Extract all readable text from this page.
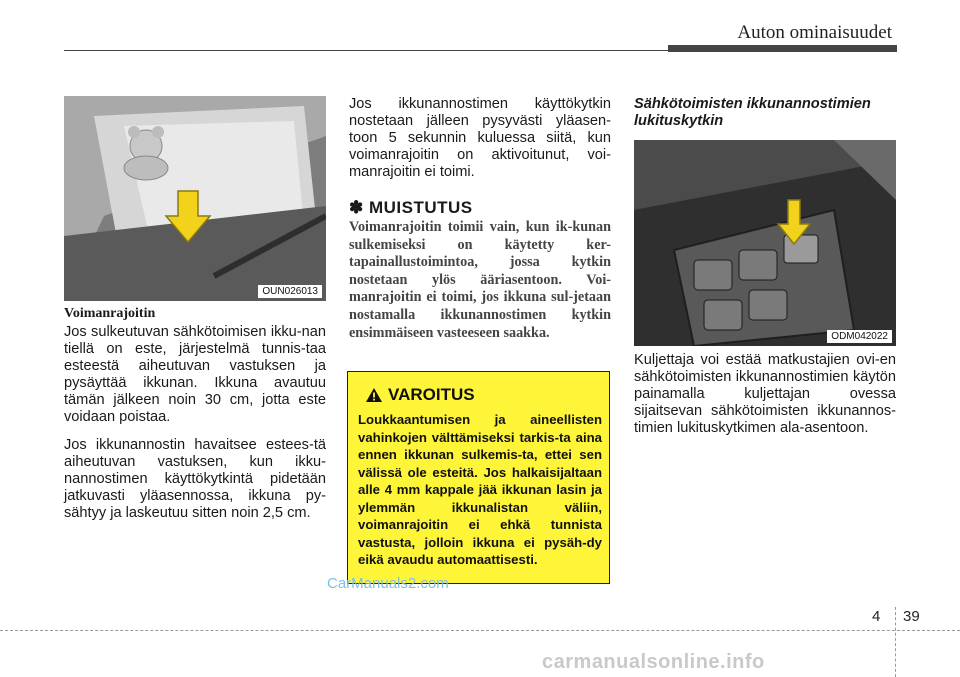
Auton ominaisuudet
OUN026013
Voimanrajoitin
Jos sulkeutuvan sähkötoimisen ikku-nan tiellä on este, järjestelmä tunnis-taa esteestä aiheutuvan vastuksen ja pysäyttää ikkunan. Ikkuna avautuu tämän jälkeen noin 30 cm, jotta este voidaan poistaa.
Jos ikkunannostin havaitsee estees-tä aiheutuvan vastuksen, kun ikku-nannostimen käyttökytkintä pidetään jatkuvasti yläasennossa, ikkuna py-sähtyy ja laskeutuu sitten noin 2,5 cm.
Jos ikkunannostimen käyttökytkin nostetaan jälleen pysyvästi yläasen-toon 5 sekunnin kuluessa siitä, kun voimanrajoitin on aktivoitunut, voi-manrajoitin ei toimi.
✽ MUISTUTUS
Voimanrajoitin toimii vain, kun ik-kunan sulkemiseksi on käytetty ker-tapainallustoimintoa, jossa kytkin nostetaan ylös ääriasentoon. Voi-manrajoitin ei toimi, jos ikkuna sul-jetaan nostamalla ikkunannostimen kytkin ensimmäiseen vasteeseen saakka.
VAROITUS
Loukkaantumisen ja aineellisten vahinkojen välttämiseksi tarkis-ta aina ennen ikkunan sulkemis-ta, ettei sen välissä ole esteitä. Jos halkaisijaltaan alle 4 mm kappale jää ikkunan lasin ja ylemmän ikkunalistan väliin, voimanrajoitin ei ehkä tunnista vastusta, jolloin ikkuna ei pysäh-dy eikä avaudu automaattisesti.
Sähkötoimisten ikkunannostimien lukituskytkin
ODM042022
Kuljettaja voi estää matkustajien ovi-en sähkötoimisten ikkunannostimien käytön painamalla kuljettajan ovessa sijaitsevan sähkötoimisten ikkunannos-timien lukituskytkimen ala-asentoon.
CarManuals2.com
4 39
carmanualsonline.info
